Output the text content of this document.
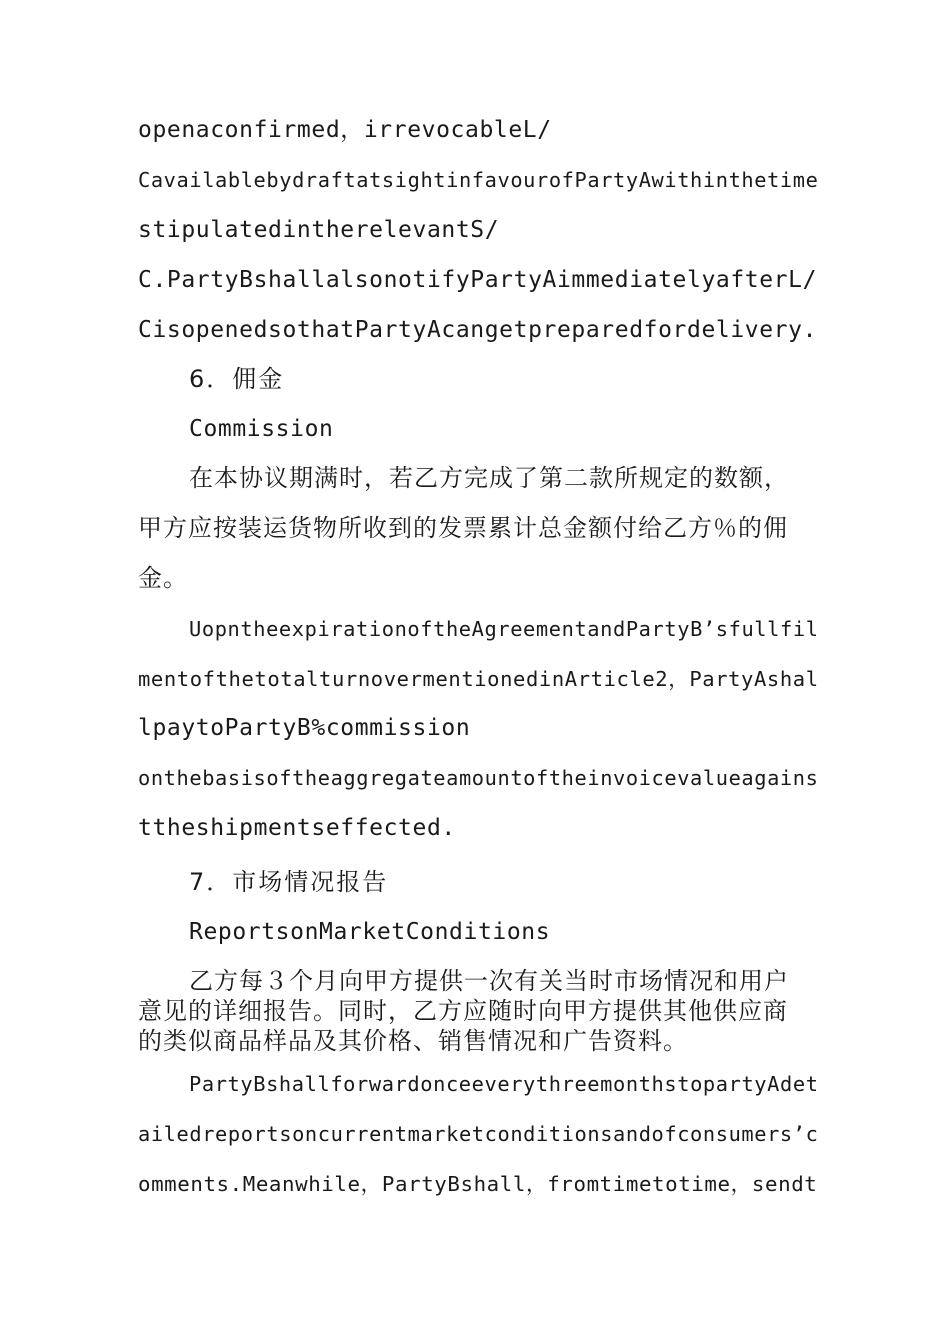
openaconfirmed，irrevocableL/
CavailablebydraftatsightinfavourofPartyAwithinthetime
stipulatedintherelevantS/
C.PartyBshallalsonotifyPartyAimmediatelyafterL/
CisopenedsothatPartyAcangetpreparedfordelivery.
6．佣金
Commission
在本协议期满时，若乙方完成了第二款所规定的数额，
甲方应按装运货物所收到的发票累计总金额付给乙方％的佣
金。
UopntheexpirationoftheAgreementandPartyB’sfullfil
mentofthetotalturnovermentionedinArticle2，PartyAshal
lpaytoPartyB%commission
onthebasisoftheaggregateamountoftheinvoicevalueagains
ttheshipmentseffected.
7．市场情况报告
ReportsonMarketConditions
乙方每３个月向甲方提供一次有关当时市场情况和用户
意见的详细报告。同时，乙方应随时向甲方提供其他供应商
的类似商品样品及其价格、销售情况和广告资料。
PartyBshallforwardonceeverythreemonthstopartyAdet
ailedreportsoncurrentmarketconditionsandofconsumers’c
omments.Meanwhile，PartyBshall，fromtimetotime，sendt
